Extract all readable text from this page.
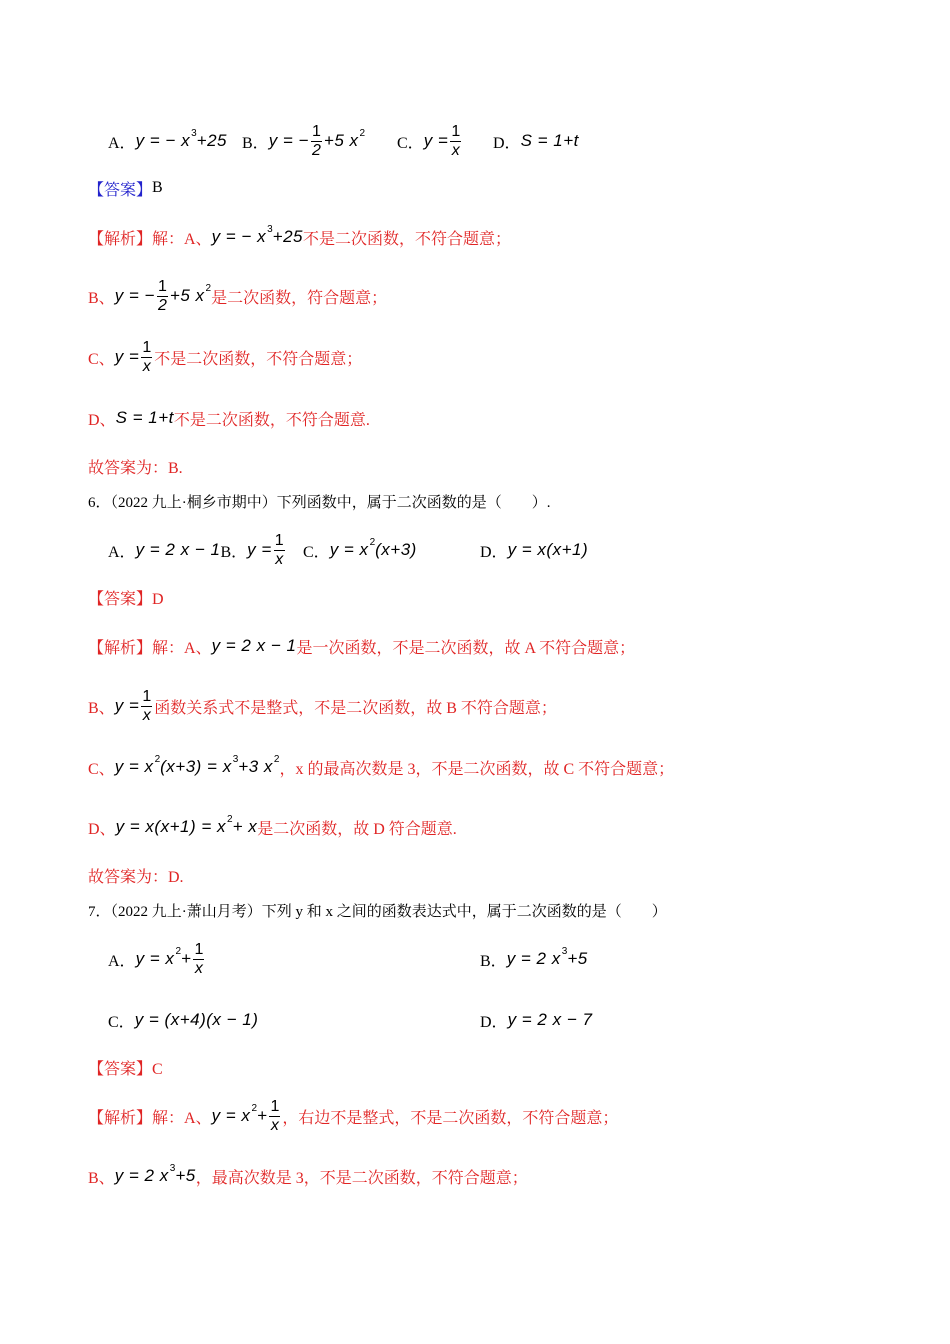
A． y = − x 3 +25 B． y = − $\frac{1}{2} +5$ x 2
C． $y = \frac{1}{x}$ D． S = 1+t
【答案】 B
【解析】解：A、 y = − x 3 +25 不是二次函数，不符合题意；
B、 y = − $\frac{1}{2} +5$ x 2
是二次函数，符合题意；
C、 $y = \frac{1}{x}$ 不是二次函数，不符合题意；
D、 S = 1+t 不是二次函数，不符合题意.
故答案为：B.
6．（2022 九上·桐乡市期中）下列函数中，属于二次函数的是（　　）.
A． y = 2 x − 1 B． $y = \frac{1}{x}$ C． y = x 2 (x+3)	D． y = x(x+1)
【答案】D
【解析】解：A、 y = 2 x − 1 是一次函数，不是二次函数，故 A 不符合题意；
B、 $y = \frac{1}{x}$ 函数关系式不是整式，不是二次函数，故 B 不符合题意；
C、 y = x 2 (x+3) = x 3 +3 x 2
，x 的最高次数是 3，不是二次函数，故 C 不符合题意；
D、 y = x(x+1) = x 2 + x 是二次函数，故 D 符合题意.
故答案为：D.
7．（2022 九上·萧山月考）下列 y 和 x 之间的函数表达式中，属于二次函数的是（　　）
A． y = x $2 + \frac{1}{x}$	B． y = 2 x 3 +5
C． y = (x+4)(x − 1)	D． y = 2 x − 7
【答案】C
【解析】解：A、 y = x $2 + \frac{1}{x}$ ，右边不是整式，不是二次函数，不符合题意；
B、 y = 2 x 3 +5 ，最高次数是 3，不是二次函数，不符合题意；
